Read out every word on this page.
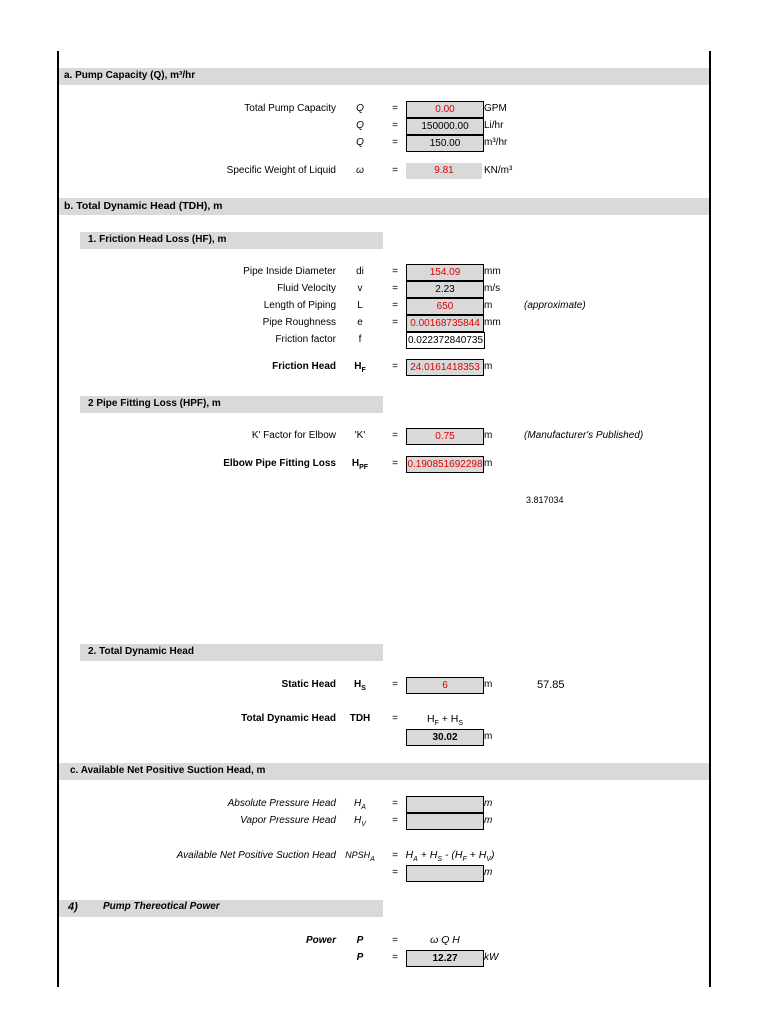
a. Pump Capacity (Q), m³/hr
Total Pump Capacity	Q	=	0.00	GPM
Q	=	150000.00	Li/hr
Q	=	150.00	m³/hr
Specific Weight of Liquid	ω	=	9.81	KN/m³
b. Total Dynamic Head (TDH), m
1. Friction Head Loss (HF), m
Pipe Inside Diameter	di	=	154.09	mm
Fluid Velocity	v	=	2.23	m/s
Length of Piping	L	=	650	m	(approximate)
Pipe Roughness	e	=	0.00168735844 mm
Friction factor	f	0.022372840735
Friction Head	$H_F$	=	24.0161418353 m
2 Pipe Fitting Loss (HPF), m
K' Factor for Elbow	'K'	=	0.75	m	(Manufacturer's Published)
Elbow Pipe Fitting Loss	$H_{PF}$	= 0.190851692298 m
3.817034
2. Total Dynamic Head
Static Head	$H_S$	=	6	m	57.85
Total Dynamic Head	TDH	=	$H_F + H_S$
30.02	m
c. Available Net Positive Suction Head, m
Absolute Pressure Head	$H_A$	=	m
Vapor Pressure Head	$H_V$	=	m
Available Net Positive Suction Head	$NPSH_A$	= $H_A + H_S - (H_F + H_V)$
=	m
4)	Pump Thereotical Power
Power	P	=	ω Q H
P	=	12.27	kW
